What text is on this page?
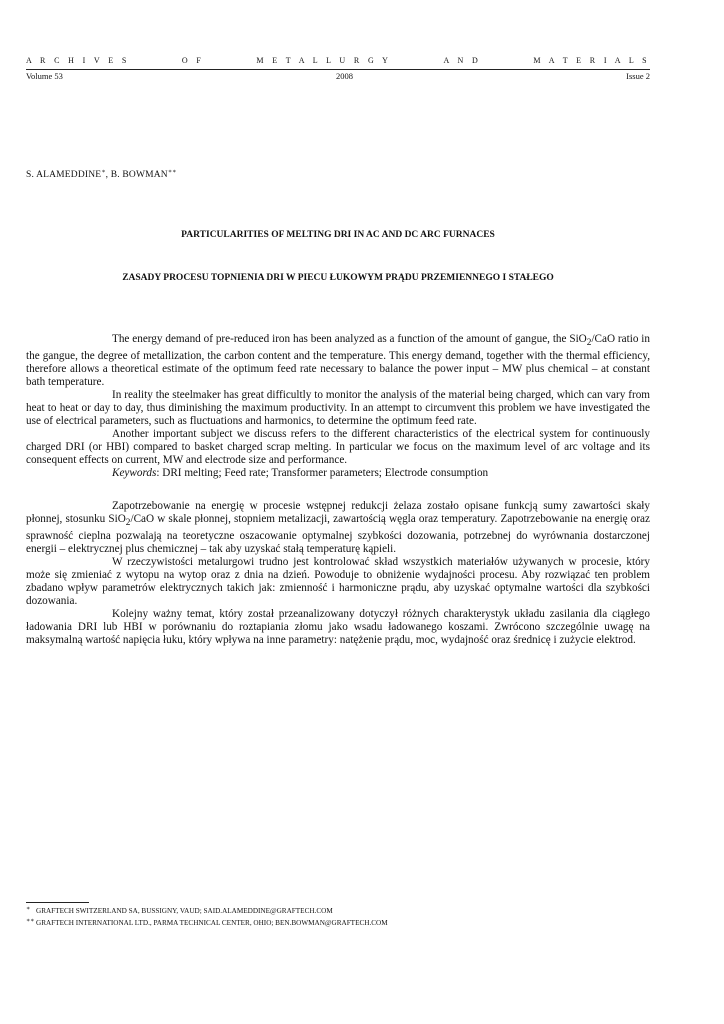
A R C H I V E S	O F	M E T A L L U R G Y	A N D	M A T E R I A L S
Volume 53	2008	Issue 2
S. ALAMEDDINE∗, B. BOWMAN∗∗
PARTICULARITIES OF MELTING DRI IN AC AND DC ARC FURNACES
ZASADY PROCESU TOPNIENIA DRI W PIECU ŁUKOWYM PRĄDU PRZEMIENNEGO I STAŁEGO

The energy demand of pre-reduced iron has been analyzed as a function of the amount of gangue, the SiO$_2$/CaO ratio in the gangue, the degree of metallization, the carbon content and the temperature. This energy demand, together with the thermal efficiency, therefore allows a theoretical estimate of the optimum feed rate necessary to balance the power input – MW plus chemical – at constant bath temperature.

In reality the steelmaker has great difficultly to monitor the analysis of the material being charged, which can vary from heat to heat or day to day, thus diminishing the maximum productivity. In an attempt to circumvent this problem we have investigated the use of electrical parameters, such as fluctuations and harmonics, to determine the optimum feed rate.

Another important subject we discuss refers to the different characteristics of the electrical system for continuously charged DRI (or HBI) compared to basket charged scrap melting. In particular we focus on the maximum level of arc voltage and its consequent effects on current, MW and electrode size and performance.

Keywords: DRI melting; Feed rate; Transformer parameters; Electrode consumption

Zapotrzebowanie na energię w procesie wstępnej redukcji żelaza zostało opisane funkcją sumy zawartości skały płonnej, stosunku SiO$_2$/CaO w skale płonnej, stopniem metalizacji, zawartością węgla oraz temperatury. Zapotrzebowanie na energię oraz sprawność cieplna pozwalają na teoretyczne oszacowanie optymalnej szybkości dozowania, potrzebnej do wyrównania dostarczonej energii – elektrycznej plus chemicznej – tak aby uzyskać stałą temperaturę kąpieli.

W rzeczywistości metalurgowi trudno jest kontrolować skład wszystkich materiałów używanych w procesie, który może się zmieniać z wytopu na wytop oraz z dnia na dzień. Powoduje to obniżenie wydajności procesu. Aby rozwiązać ten problem zbadano wpływ parametrów elektrycznych takich jak: zmienność i harmoniczne prądu, aby uzyskać optymalne wartości dla szybkości dozowania.

Kolejny ważny temat, który został przeanalizowany dotyczył różnych charakterystyk układu zasilania dla ciągłego ładowania DRI lub HBI w porównaniu do roztapiania złomu jako wsadu ładowanego koszami. Zwrócono szczególnie uwagę na maksymalną wartość napięcia łuku, który wpływa na inne parametry: natężenie prądu, moc, wydajność oraz średnicę i zużycie elektrod.

∗ GRAFTECH SWITZERLAND SA, BUSSIGNY, VAUD; SAID.ALAMEDDINE@GRAFTECH.COM
∗∗ GRAFTECH INTERNATIONAL LTD., PARMA TECHNICAL CENTER, OHIO; BEN.BOWMAN@GRAFTECH.COM
